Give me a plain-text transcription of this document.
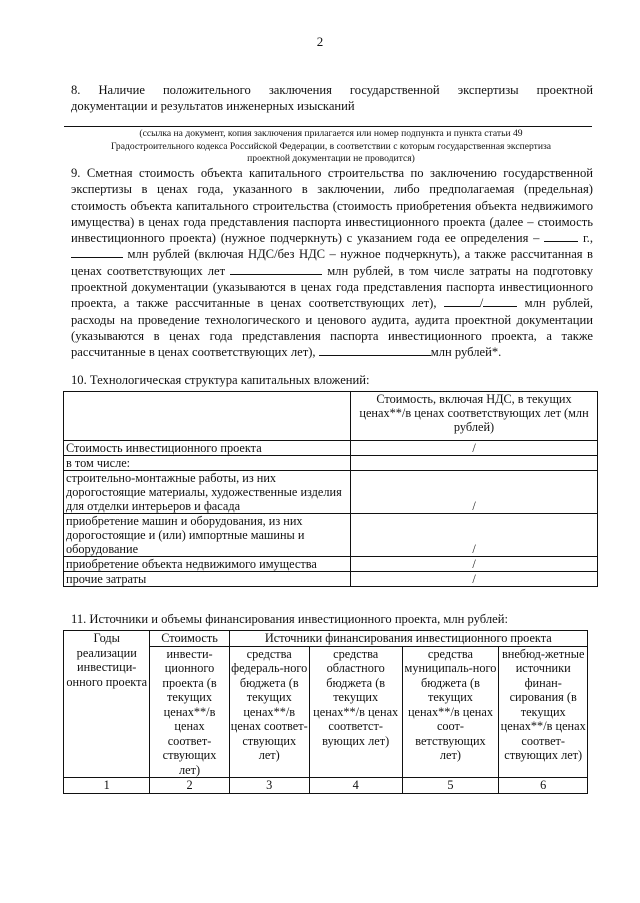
2
8. Наличие положительного заключения государственной экспертизы проектной
документации и результатов инженерных изысканий
(ссылка на документ, копия заключения прилагается или номер подпункта и пункта статьи 49
Градостроительного кодекса Российской Федерации, в соответствии с которым государственная экспертиза
проектной документации не проводится)

9. Сметная стоимость объекта капитального строительства по заключению государственной экспертизы в ценах года, указанного в заключении, либо предполагаемая (предельная) стоимость объекта капитального строительства (стоимость приобретения объекта недвижимого имущества) в ценах года представления паспорта инвестиционного проекта (далее – стоимость инвестиционного проекта) (нужное подчеркнуть) с указанием года ее определения –	г.,  млн рублей (включая НДС/без НДС – нужное подчеркнуть), а также рассчитанная в ценах соответствующих лет	млн рублей, в том числе затраты на подготовку проектной документации (указываются в ценах года представления паспорта инвестиционного проекта, а также рассчитанные в ценах соответствующих лет),	/	млн рублей, расходы на проведение технологического и ценового аудита, аудита проектной документации (указываются в ценах года представления паспорта инвестиционного проекта, а также рассчитанные в ценах соответствующих лет),	млн рублей*.

10. Технологическая структура капитальных вложений:
	Стоимость, включая НДС, в текущих ценах**/в ценах соответствующих лет (млн рублей)
Стоимость инвестиционного проекта	/
в том числе:	
строительно-монтажные работы, из них дорогостоящие материалы, художественные изделия для отделки интерьеров и фасада	/
приобретение машин и оборудования, из них дорогостоящие и (или) импортные машины и оборудование	/
приобретение объекта недвижимого имущества	/
прочие затраты	/
11. Источники и объемы финансирования инвестиционного проекта, млн рублей:
Годы реализации инвестици-онного проекта	Стоимость	Источники финансирования инвестиционного проекта			
	инвести-ционного проекта (в текущих ценах**/в ценах соответ-ствующих лет)	средства федераль-ного бюджета (в текущих ценах**/в ценах соответ-ствующих лет)	средства областного бюджета (в текущих ценах**/в ценах соответст-вующих лет)	средства муниципаль-ного бюджета (в текущих ценах**/в ценах соот-ветствующих лет)	внебюд-жетные источники финан-сирования (в текущих ценах**/в ценах соответ-ствующих лет)
1	2	3	4	5	6
